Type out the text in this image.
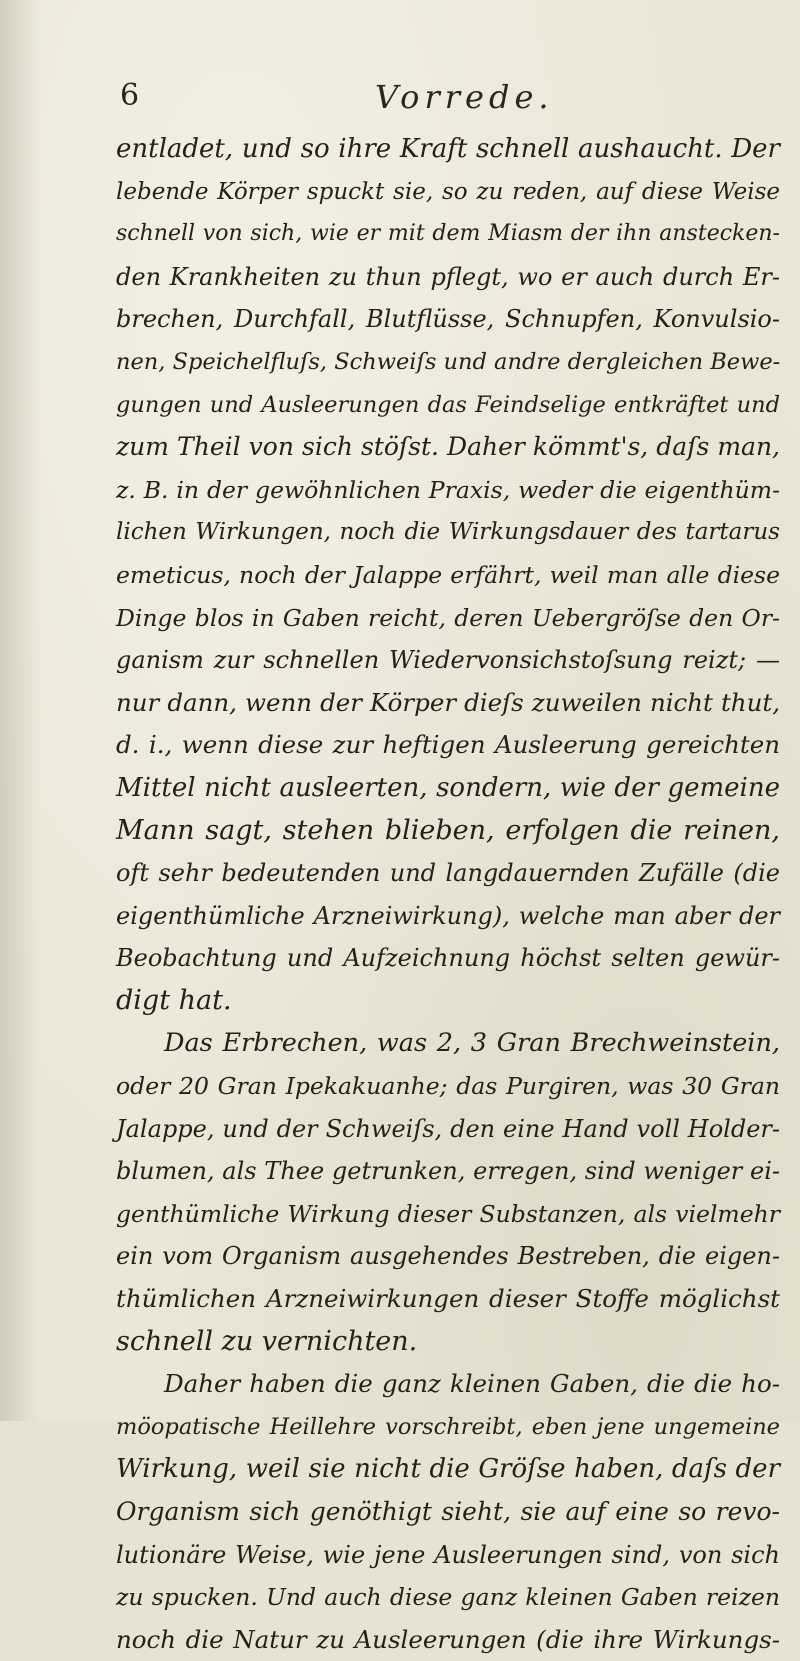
6	Vorrede.
entladet, und so ihre Kraft schnell aushaucht. Der
lebende Körper spuckt sie, so zu reden, auf diese Weise
schnell von sich, wie er mit dem Miasm der ihn anstecken-
den Krankheiten zu thun pflegt, wo er auch durch Er-
brechen, Durchfall, Blutflüsse, Schnupfen, Konvulsio-
nen, Speichelfluſs, Schweiſs und andre dergleichen Bewe-
gungen und Ausleerungen das Feindselige entkräftet und
zum Theil von sich stöſst. Daher kömmt's, daſs man,
z. B. in der gewöhnlichen Praxis, weder die eigenthüm-
lichen Wirkungen, noch die Wirkungsdauer des tartarus
emeticus, noch der Jalappe erfährt, weil man alle diese
Dinge blos in Gaben reicht, deren Uebergröſse den Or-
ganism zur schnellen Wiedervonsichstoſsung reizt; —
nur dann, wenn der Körper dieſs zuweilen nicht thut,
d. i., wenn diese zur heftigen Ausleerung gereichten
Mittel nicht ausleerten, sondern, wie der gemeine
Mann sagt, stehen blieben, erfolgen die reinen,
oft sehr bedeutenden und langdauernden Zufälle (die
eigenthümliche Arzneiwirkung), welche man aber der
Beobachtung und Aufzeichnung höchst selten gewür-
digt hat.
Das Erbrechen, was 2, 3 Gran Brechweinstein,
oder 20 Gran Ipekakuanhe; das Purgiren, was 30 Gran
Jalappe, und der Schweiſs, den eine Hand voll Holder-
blumen, als Thee getrunken, erregen, sind weniger ei-
genthümliche Wirkung dieser Substanzen, als vielmehr
ein vom Organism ausgehendes Bestreben, die eigen-
thümlichen Arzneiwirkungen dieser Stoffe möglichst
schnell zu vernichten.
Daher haben die ganz kleinen Gaben, die die ho-
möopatische Heillehre vorschreibt, eben jene ungemeine
Wirkung, weil sie nicht die Gröſse haben, daſs der
Organism sich genöthigt sieht, sie auf eine so revo-
lutionäre Weise, wie jene Ausleerungen sind, von sich
zu spucken. Und auch diese ganz kleinen Gaben reizen
noch die Natur zu Ausleerungen (die ihre Wirkungs-
